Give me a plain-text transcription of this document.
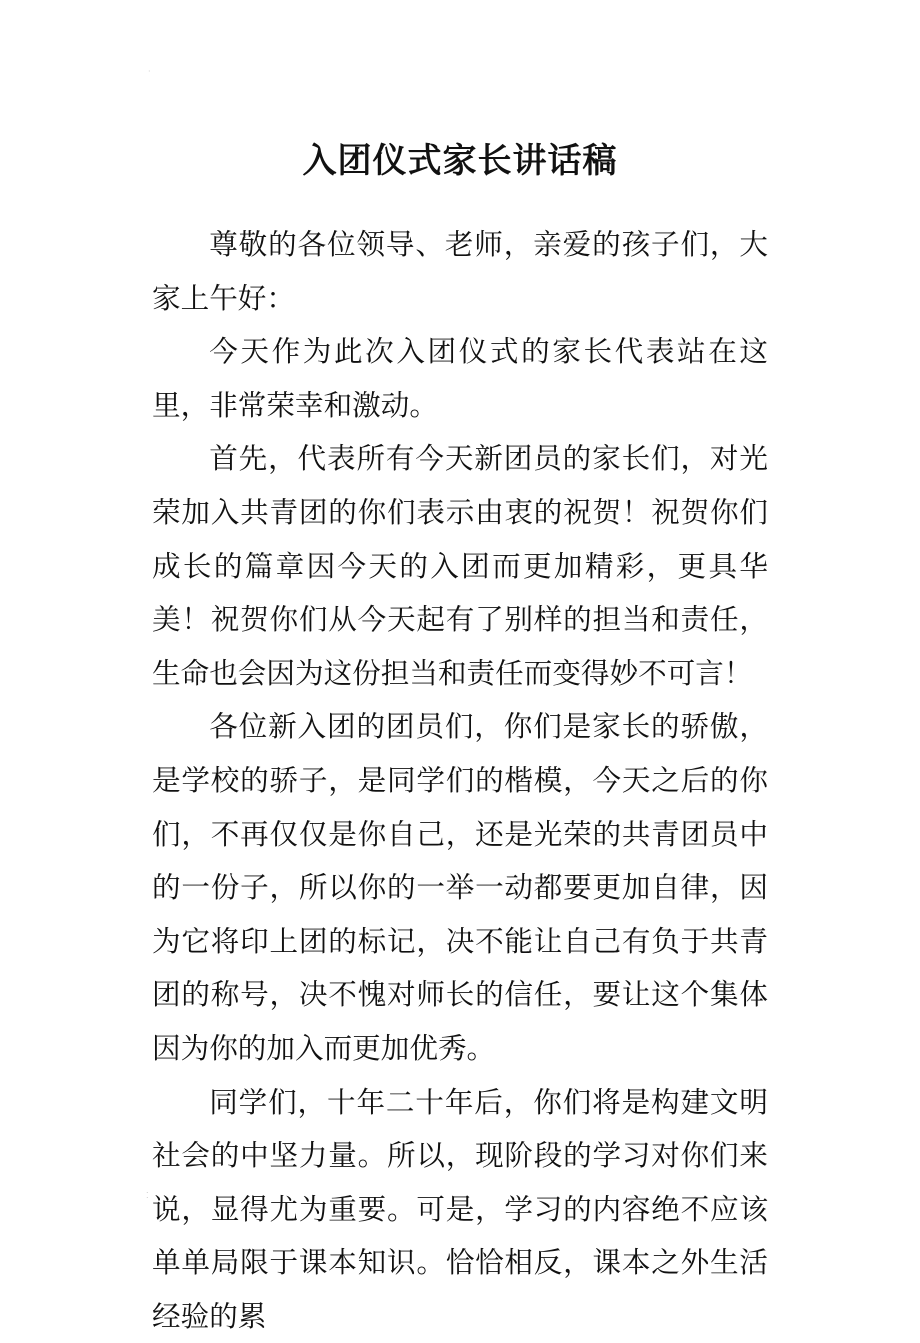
·
入团仪式家长讲话稿

尊敬的各位领导、老师，亲爱的孩子们，大家上午好：

今天作为此次入团仪式的家长代表站在这里，非常荣幸和激动。

首先，代表所有今天新团员的家长们，对光荣加入共青团的你们表示由衷的祝贺！祝贺你们成长的篇章因今天的入团而更加精彩，更具华美！祝贺你们从今天起有了别样的担当和责任，生命也会因为这份担当和责任而变得妙不可言！

各位新入团的团员们，你们是家长的骄傲，是学校的骄子，是同学们的楷模，今天之后的你们，不再仅仅是你自己，还是光荣的共青团员中的一份子，所以你的一举一动都要更加自律，因为它将印上团的标记，决不能让自己有负于共青团的称号，决不愧对师长的信任，要让这个集体因为你的加入而更加优秀。

同学们，十年二十年后，你们将是构建文明社会的中坚力量。所以，现阶段的学习对你们来说，显得尤为重要。可是，学习的内容绝不应该单单局限于课本知识。恰恰相反，课本之外生活经验的累

⁚
